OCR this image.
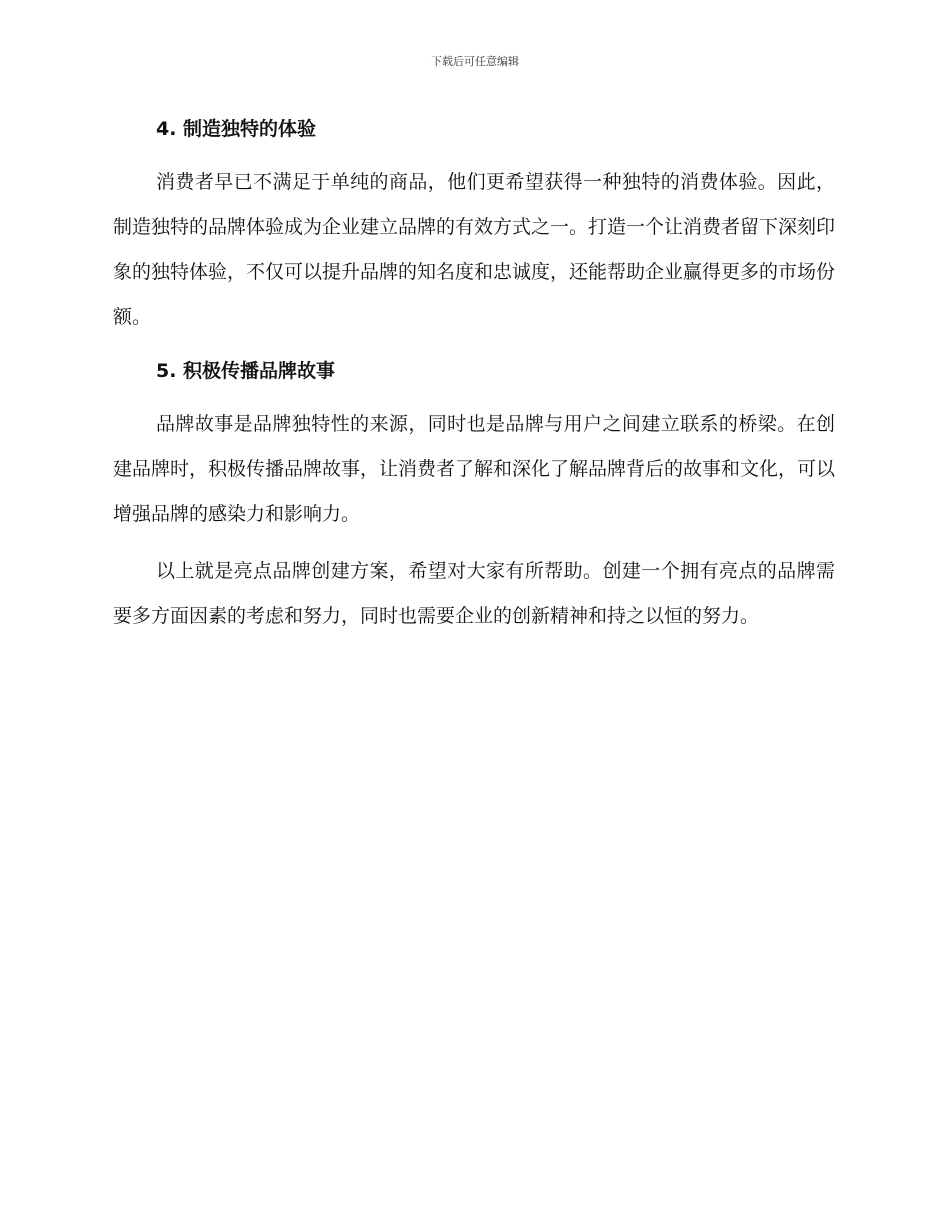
下载后可任意编辑
4. 制造独特的体验

消费者早已不满足于单纯的商品，他们更希望获得一种独特的消费体验。因此，制造独特的品牌体验成为企业建立品牌的有效方式之一。打造一个让消费者留下深刻印象的独特体验，不仅可以提升品牌的知名度和忠诚度，还能帮助企业赢得更多的市场份额。

5. 积极传播品牌故事

品牌故事是品牌独特性的来源，同时也是品牌与用户之间建立联系的桥梁。在创建品牌时，积极传播品牌故事，让消费者了解和深化了解品牌背后的故事和文化，可以增强品牌的感染力和影响力。

以上就是亮点品牌创建方案，希望对大家有所帮助。创建一个拥有亮点的品牌需要多方面因素的考虑和努力，同时也需要企业的创新精神和持之以恒的努力。
